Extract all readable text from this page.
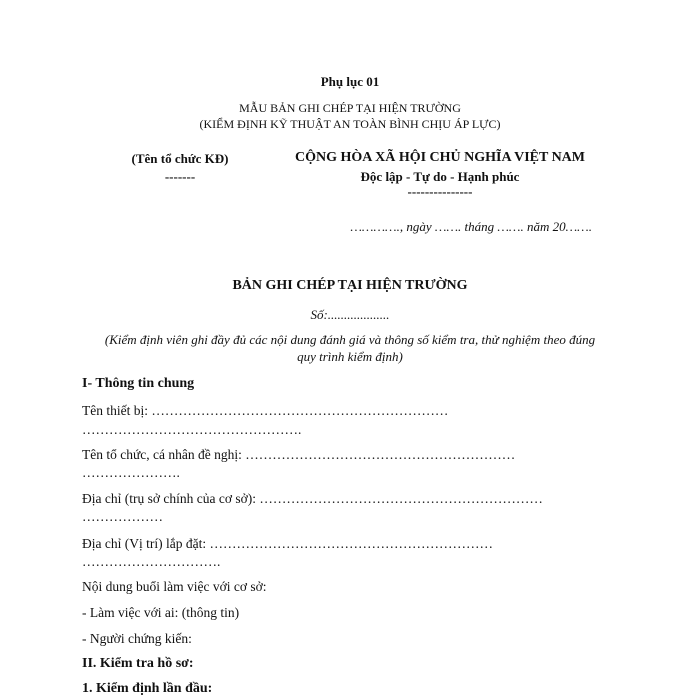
Phụ lục 01
MẪU BẢN GHI CHÉP TẠI HIỆN TRƯỜNG
(KIỂM ĐỊNH KỸ THUẬT AN TOÀN BÌNH CHỊU ÁP LỰC)
(Tên tổ chức KĐ)
-------
CỘNG HÒA XÃ HỘI CHỦ NGHĨA VIỆT NAM
Độc lập - Tự do - Hạnh phúc
---------------
…………., ngày ……. tháng ……. năm 20…….
BẢN GHI CHÉP TẠI HIỆN TRƯỜNG
Số:...................
(Kiểm định viên ghi đầy đủ các nội dung đánh giá và thông số kiểm tra, thử nghiệm theo đúng
quy trình kiểm định)
I- Thông tin chung
Tên thiết bị: …………………………………………………………
………………………………………….
Tên tổ chức, cá nhân đề nghị: ……………………………………………………
………………….
Địa chỉ (trụ sở chính của cơ sở): ………………………………………………………
………………
Địa chỉ (Vị trí) lắp đặt: ………………………………………………………
………………………….
Nội dung buổi làm việc với cơ sở:
- Làm việc với ai: (thông tin)
- Người chứng kiến:
II. Kiểm tra hồ sơ:
1. Kiểm định lần đầu:
